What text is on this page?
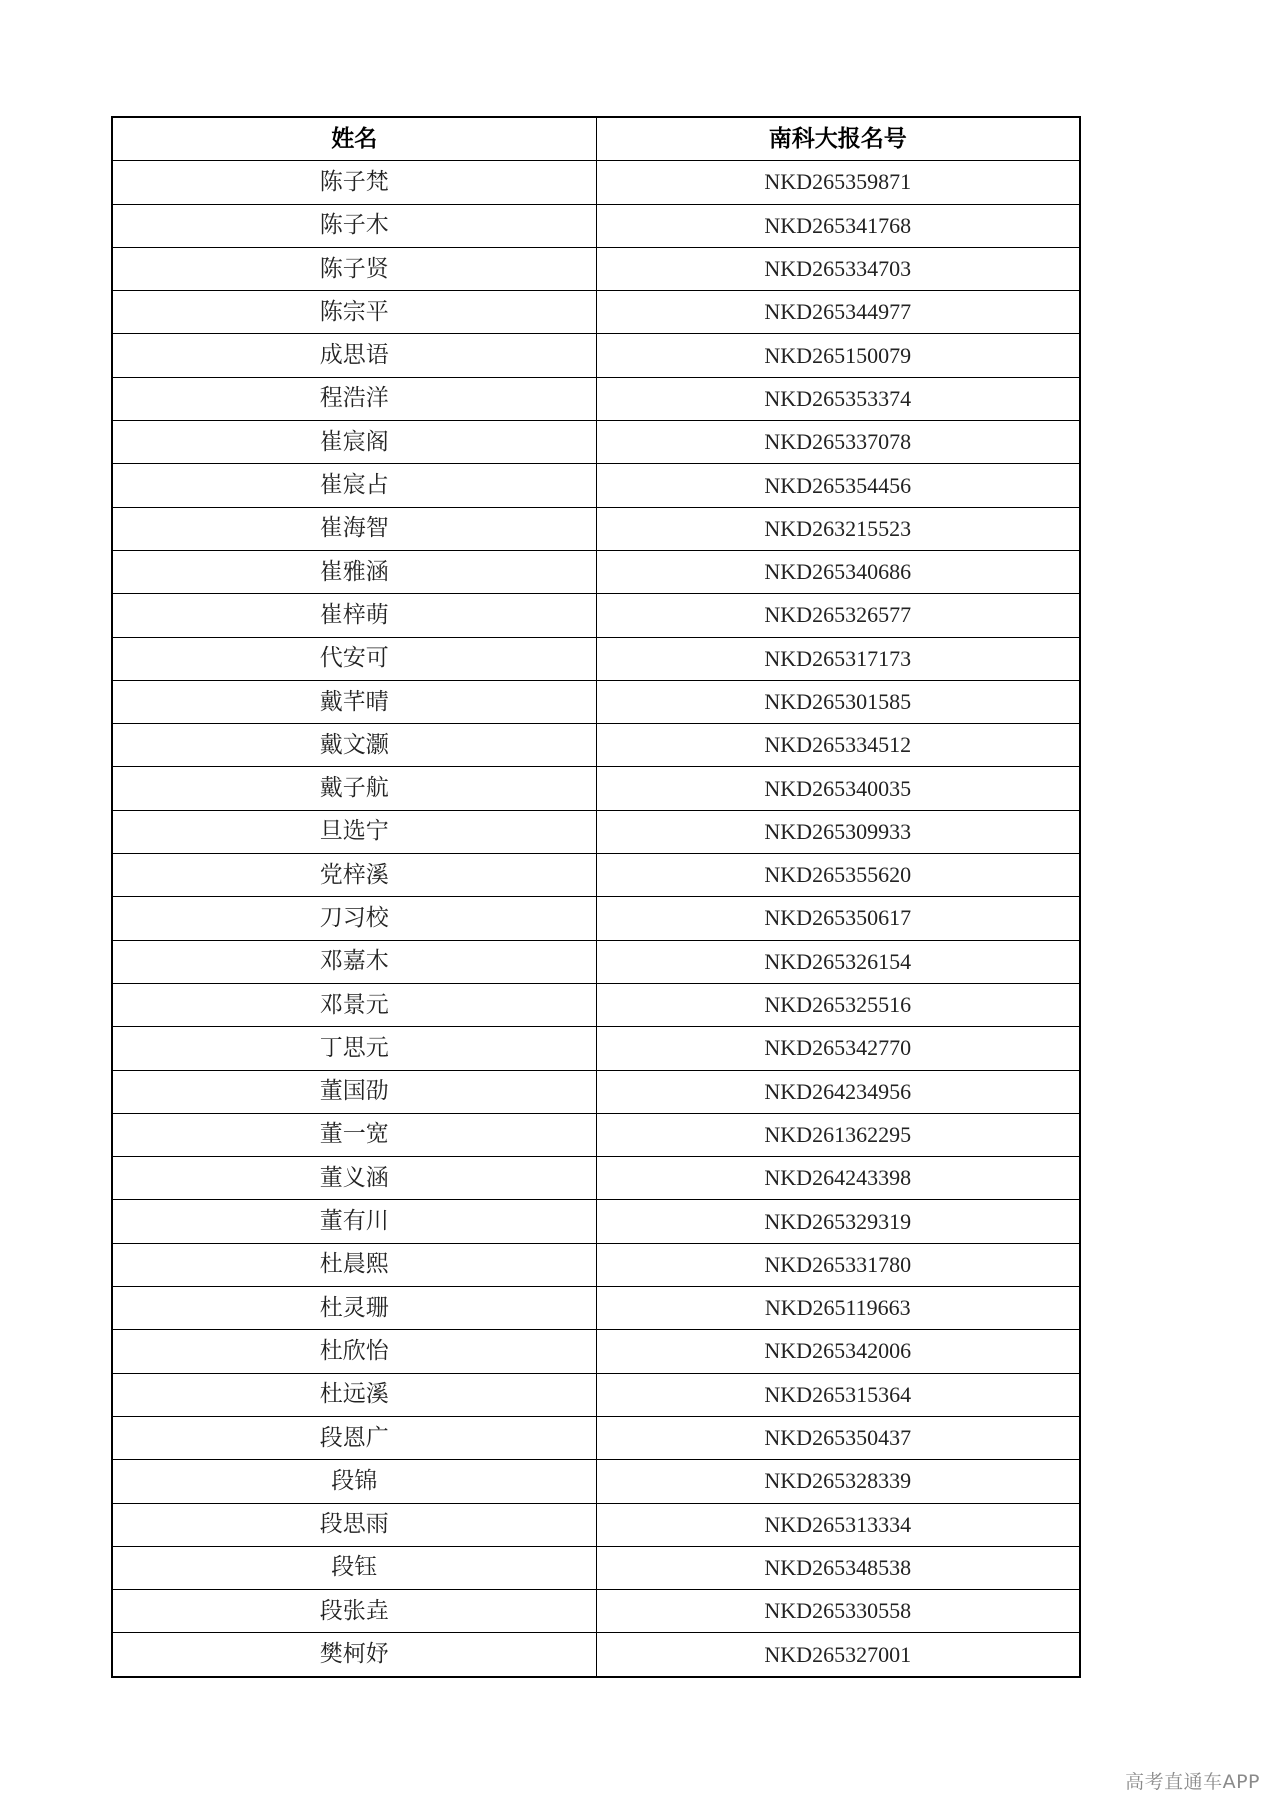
姓名	南科大报名号
陈子梵	NKD265359871
陈子木	NKD265341768
陈子贤	NKD265334703
陈宗平	NKD265344977
成思语	NKD265150079
程浩洋	NKD265353374
崔宸阁	NKD265337078
崔宸占	NKD265354456
崔海智	NKD263215523
崔雅涵	NKD265340686
崔梓萌	NKD265326577
代安可	NKD265317173
戴芊晴	NKD265301585
戴文灏	NKD265334512
戴子航	NKD265340035
旦选宁	NKD265309933
党梓溪	NKD265355620
刀习校	NKD265350617
邓嘉木	NKD265326154
邓景元	NKD265325516
丁思元	NKD265342770
董国劭	NKD264234956
董一宽	NKD261362295
董义涵	NKD264243398
董有川	NKD265329319
杜晨熙	NKD265331780
杜灵珊	NKD265119663
杜欣怡	NKD265342006
杜远溪	NKD265315364
段恩广	NKD265350437
段锦	NKD265328339
段思雨	NKD265313334
段钰	NKD265348538
段张垚	NKD265330558
樊柯妤	NKD265327001
高考直通车APP
